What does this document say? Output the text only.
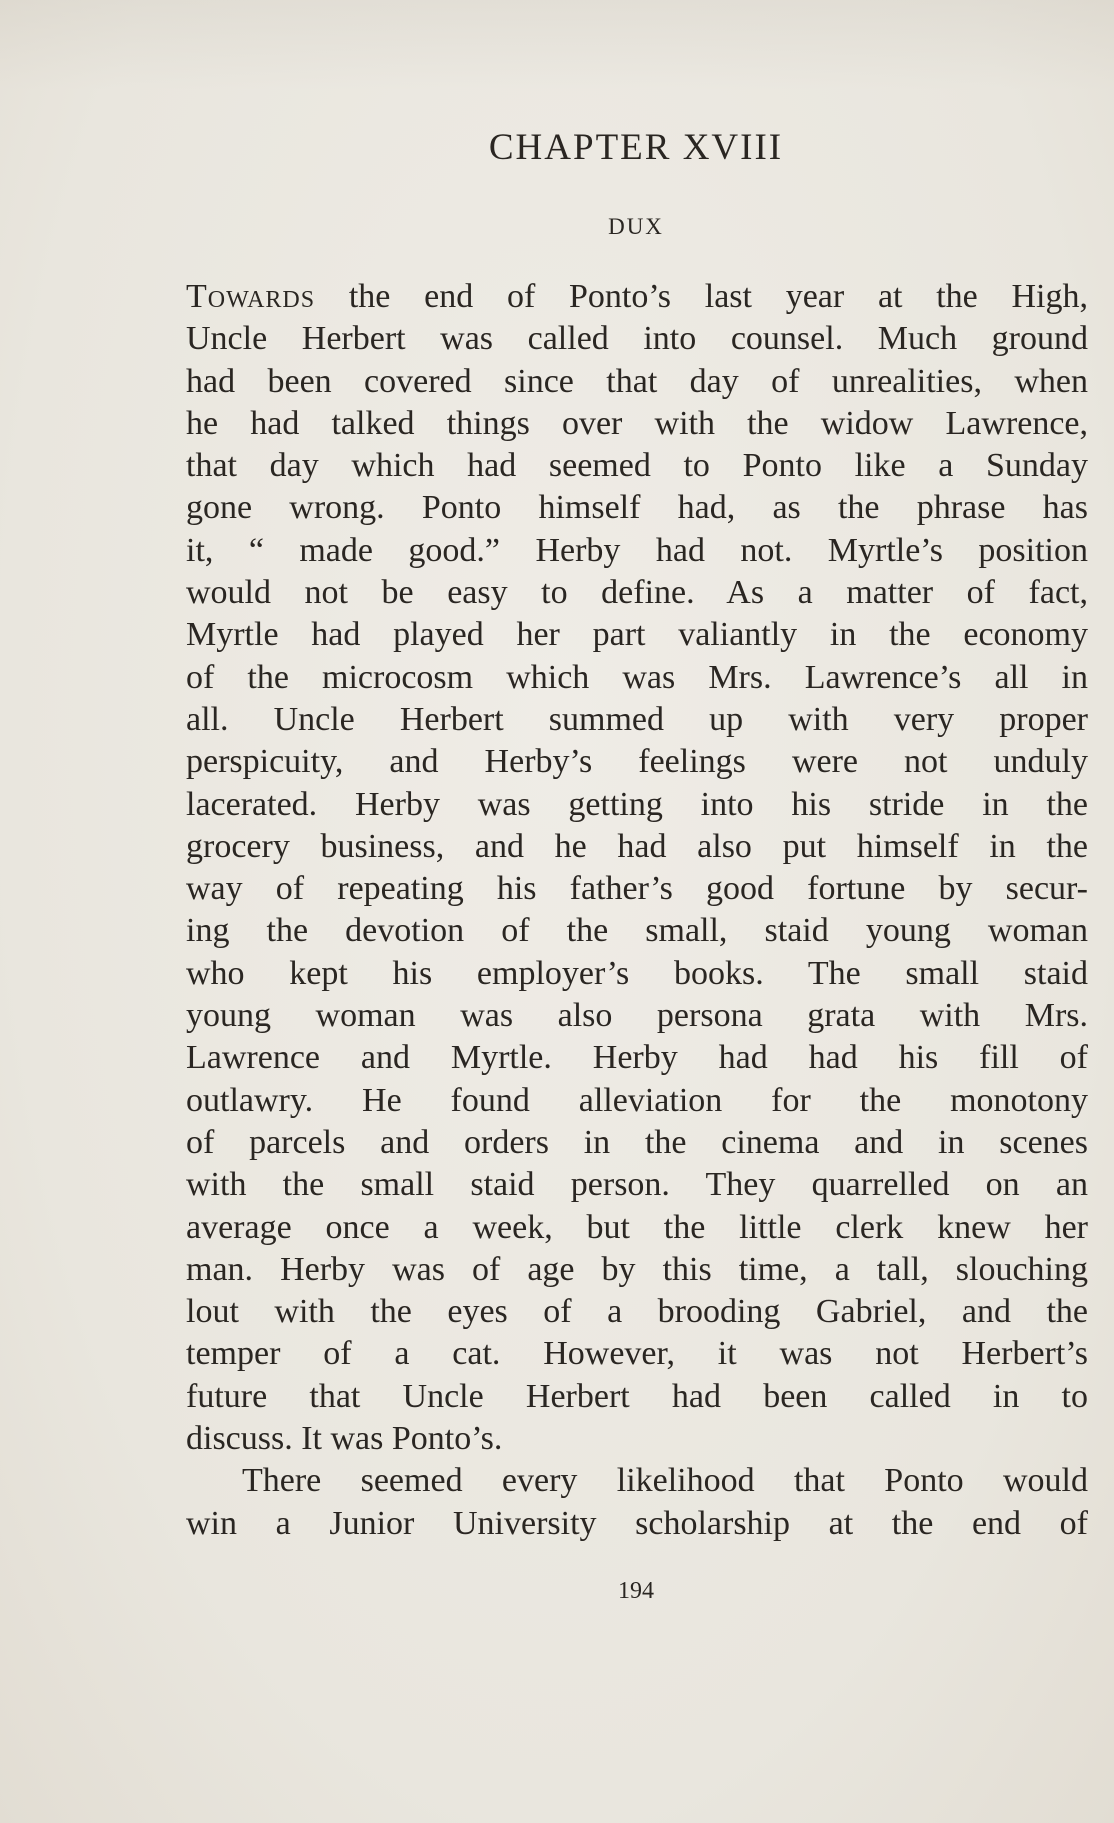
CHAPTER XVIII
DUX
Towards the end of Ponto’s last year at the High,
Uncle Herbert was called into counsel. Much ground
had been covered since that day of unrealities, when
he had talked things over with the widow Lawrence,
that day which had seemed to Ponto like a Sunday
gone wrong. Ponto himself had, as the phrase has
it, “ made good.” Herby had not. Myrtle’s position
would not be easy to define. As a matter of fact,
Myrtle had played her part valiantly in the economy
of the microcosm which was Mrs. Lawrence’s all in
all. Uncle Herbert summed up with very proper
perspicuity, and Herby’s feelings were not unduly
lacerated. Herby was getting into his stride in the
grocery business, and he had also put himself in the
way of repeating his father’s good fortune by secur-
ing the devotion of the small, staid young woman
who kept his employer’s books. The small staid
young woman was also persona grata with Mrs.
Lawrence and Myrtle. Herby had had his fill of
outlawry. He found alleviation for the monotony
of parcels and orders in the cinema and in scenes
with the small staid person. They quarrelled on an
average once a week, but the little clerk knew her
man. Herby was of age by this time, a tall, slouching
lout with the eyes of a brooding Gabriel, and the
temper of a cat. However, it was not Herbert’s
future that Uncle Herbert had been called in to
discuss. It was Ponto’s.
There seemed every likelihood that Ponto would
win a Junior University scholarship at the end of
194
